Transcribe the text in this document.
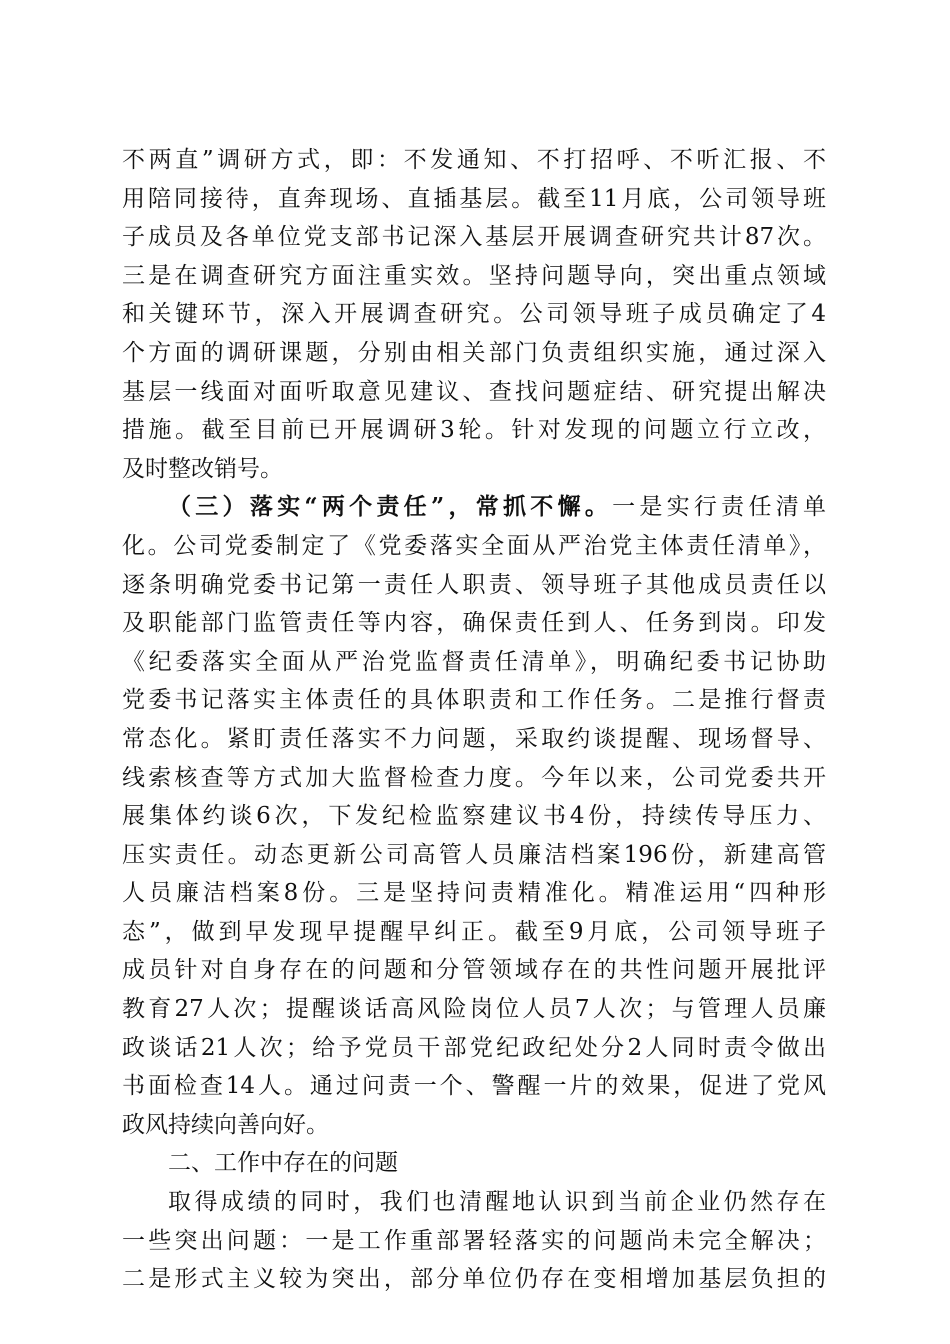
不两直”调研方式，即：不发通知、不打招呼、不听汇报、不
用陪同接待，直奔现场、直插基层。截至11月底，公司领导班
子成员及各单位党支部书记深入基层开展调查研究共计87次。
三是在调查研究方面注重实效。坚持问题导向，突出重点领域
和关键环节，深入开展调查研究。公司领导班子成员确定了4
个方面的调研课题，分别由相关部门负责组织实施，通过深入
基层一线面对面听取意见建议、查找问题症结、研究提出解决
措施。截至目前已开展调研3轮。针对发现的问题立行立改，
及时整改销号。
（三）落实“两个责任”，常抓不懈。一是实行责任清单
化。公司党委制定了《党委落实全面从严治党主体责任清单》，
逐条明确党委书记第一责任人职责、领导班子其他成员责任以
及职能部门监管责任等内容，确保责任到人、任务到岗。印发
《纪委落实全面从严治党监督责任清单》，明确纪委书记协助
党委书记落实主体责任的具体职责和工作任务。二是推行督责
常态化。紧盯责任落实不力问题，采取约谈提醒、现场督导、
线索核查等方式加大监督检查力度。今年以来，公司党委共开
展集体约谈6次，下发纪检监察建议书4份，持续传导压力、
压实责任。动态更新公司高管人员廉洁档案196份，新建高管
人员廉洁档案8份。三是坚持问责精准化。精准运用“四种形
态”，做到早发现早提醒早纠正。截至9月底，公司领导班子
成员针对自身存在的问题和分管领域存在的共性问题开展批评
教育27人次；提醒谈话高风险岗位人员7人次；与管理人员廉
政谈话21人次；给予党员干部党纪政纪处分2人同时责令做出
书面检查14人。通过问责一个、警醒一片的效果，促进了党风
政风持续向善向好。
二、工作中存在的问题
取得成绩的同时，我们也清醒地认识到当前企业仍然存在
一些突出问题：一是工作重部署轻落实的问题尚未完全解决；
二是形式主义较为突出，部分单位仍存在变相增加基层负担的
